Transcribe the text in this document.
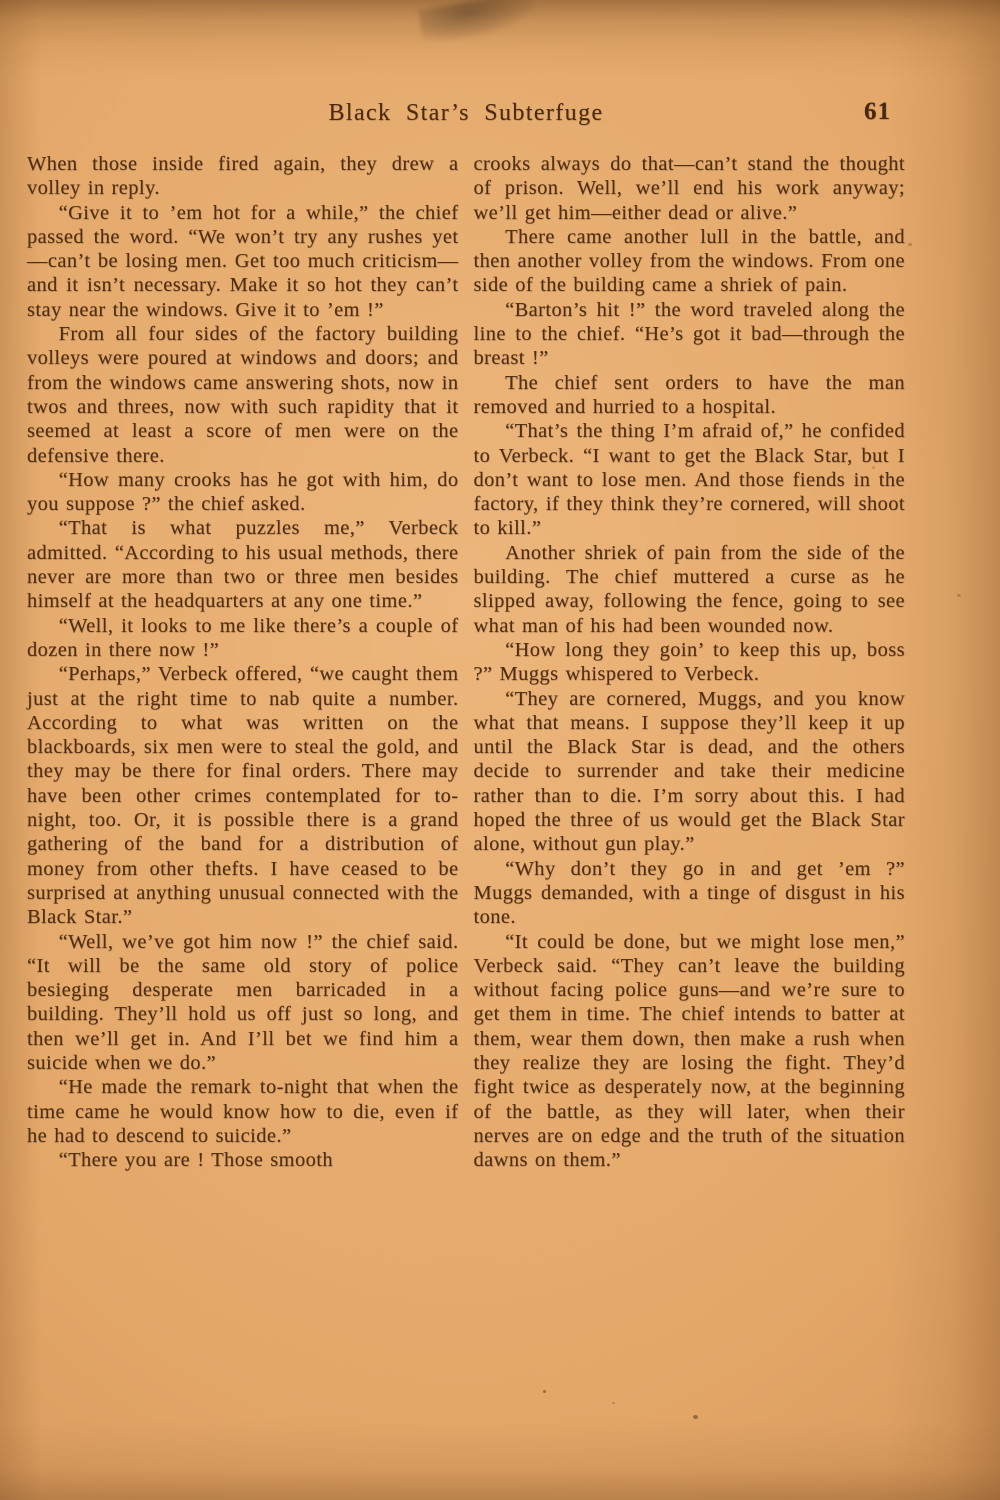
Black Star’s Subterfuge	61

When those inside fired again, they drew a volley in reply.

“Give it to ’em hot for a while,” the chief passed the word. “We won’t try any rushes yet—can’t be losing men. Get too much criticism—and it isn’t necessary. Make it so hot they can’t stay near the windows. Give it to ’em !”

From all four sides of the factory building volleys were poured at windows and doors; and from the windows came answering shots, now in twos and threes, now with such rapidity that it seemed at least a score of men were on the defensive there.

“How many crooks has he got with him, do you suppose ?” the chief asked.

“That is what puzzles me,” Verbeck admitted. “According to his usual methods, there never are more than two or three men besides himself at the headquarters at any one time.”

“Well, it looks to me like there’s a couple of dozen in there now !”

“Perhaps,” Verbeck offered, “we caught them just at the right time to nab quite a number. According to what was written on the blackboards, six men were to steal the gold, and they may be there for final orders. There may have been other crimes contemplated for to-night, too. Or, it is possible there is a grand gathering of the band for a distribution of money from other thefts. I have ceased to be surprised at anything unusual connected with the Black Star.”

“Well, we’ve got him now !” the chief said. “It will be the same old story of police besieging desperate men barricaded in a building. They’ll hold us off just so long, and then we’ll get in. And I’ll bet we find him a suicide when we do.”

“He made the remark to-night that when the time came he would know how to die, even if he had to descend to suicide.”

“There you are ! Those smooth

crooks always do that—can’t stand the thought of prison. Well, we’ll end his work anyway; we’ll get him—either dead or alive.”

There came another lull in the battle, and then another volley from the windows. From one side of the building came a shriek of pain.

“Barton’s hit !” the word traveled along the line to the chief. “He’s got it bad—through the breast !”

The chief sent orders to have the man removed and hurried to a hospital.

“That’s the thing I’m afraid of,” he confided to Verbeck. “I want to get the Black Star, but I don’t want to lose men. And those fiends in the factory, if they think they’re cornered, will shoot to kill.”

Another shriek of pain from the side of the building. The chief muttered a curse as he slipped away, following the fence, going to see what man of his had been wounded now.

“How long they goin’ to keep this up, boss ?” Muggs whispered to Verbeck.

“They are cornered, Muggs, and you know what that means. I suppose they’ll keep it up until the Black Star is dead, and the others decide to surrender and take their medicine rather than to die. I’m sorry about this. I had hoped the three of us would get the Black Star alone, without gun play.”

“Why don’t they go in and get ’em ?” Muggs demanded, with a tinge of disgust in his tone.

“It could be done, but we might lose men,” Verbeck said. “They can’t leave the building without facing police guns—and we’re sure to get them in time. The chief intends to batter at them, wear them down, then make a rush when they realize they are losing the fight. They’d fight twice as desperately now, at the beginning of the battle, as they will later, when their nerves are on edge and the truth of the situation dawns on them.”
